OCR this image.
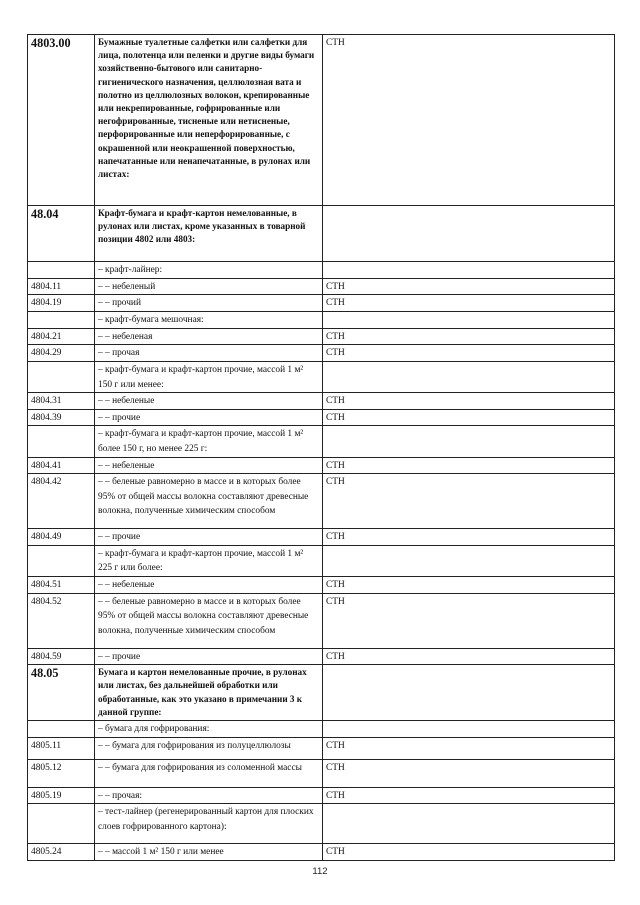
4803.00	Бумажные туалетные салфетки или салфетки для лица, полотенца или пеленки и другие виды бумаги хозяйственно-бытового или санитарно-гигиенического назначения, целлюлозная вата и полотно из целлюлозных волокон, крепированные или некрепированные, гофрированные или негофрированные, тисненые или нетисненые, перфорированные или неперфорированные, с окрашенной или неокрашенной поверхностью, напечатанные или ненапечатанные, в рулонах или листах:	СТН
48.04	Крафт-бумага и крафт-картон немелованные, в рулонах или листах, кроме указанных в товарной позиции 4802 или 4803:	
	– крафт-лайнер:	
4804.11	– – небеленый	СТН
4804.19	– – прочий	СТН
	– крафт-бумага мешочная:	
4804.21	– – небеленая	СТН
4804.29	– – прочая	СТН
	– крафт-бумага и крафт-картон прочие, массой 1 м² 150 г или менее:	
4804.31	– – небеленые	СТН
4804.39	– – прочие	СТН
	– крафт-бумага и крафт-картон прочие, массой 1 м² более 150 г, но менее 225 г:	
4804.41	– – небеленые	СТН
4804.42	– – беленые равномерно в массе и в которых более 95% от общей массы волокна составляют древесные волокна, полученные химическим способом	СТН
4804.49	– – прочие	СТН
	– крафт-бумага и крафт-картон прочие, массой 1 м² 225 г или более:	
4804.51	– – небеленые	СТН
4804.52	– – беленые равномерно в массе и в которых более 95% от общей массы волокна составляют древесные волокна, полученные химическим способом	СТН
4804.59	– – прочие	СТН
48.05	Бумага и картон немелованные прочие, в рулонах или листах, без дальнейшей обработки или обработанные, как это указано в примечании 3 к данной группе:	
	– бумага для гофрирования:	
4805.11	– – бумага для гофрирования из полуцеллюлозы	СТН
4805.12	– – бумага для гофрирования из соломенной массы	СТН
4805.19	– – прочая:	СТН
	– тест-лайнер (регенерированный картон для плоских слоев гофрированного картона):	
4805.24	– – массой 1 м² 150 г или менее	СТН
112
